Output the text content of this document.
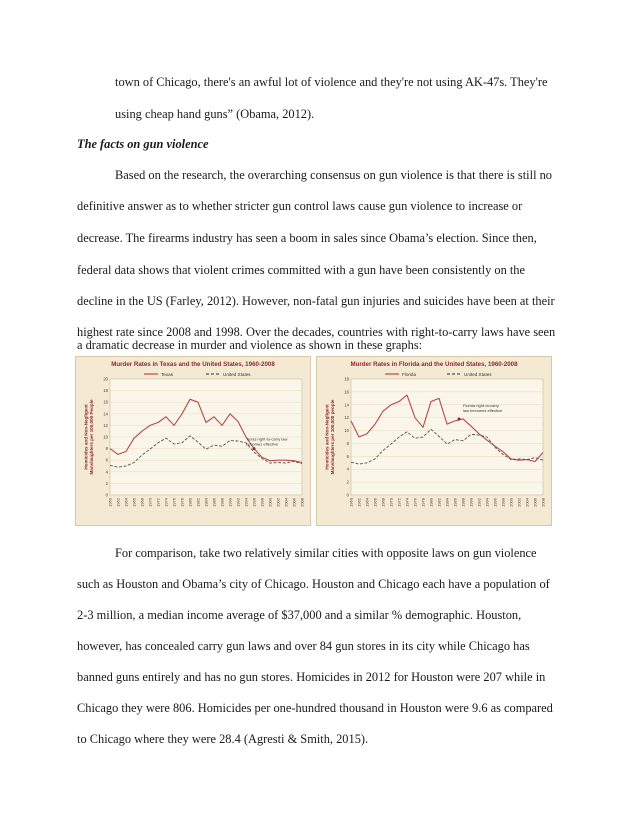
town of Chicago, there's an awful lot of violence and they're not using AK-47s. They're
using cheap hand guns” (Obama, 2012).
The facts on gun violence
Based on the research, the overarching consensus on gun violence is that there is still no
definitive answer as to whether stricter gun control laws cause gun violence to increase or
decrease. The firearms industry has seen a boom in sales since Obama’s election. Since then,
federal data shows that violent crimes committed with a gun have been consistently on the
decline in the US (Farley, 2012). However, non-fatal gun injuries and suicides have been at their
highest rate since 2008 and 1998. Over the decades, countries with right-to-carry laws have seen
a dramatic decrease in murder and violence as shown in these graphs:
Murder Rates in Texas and the United States, 1960-2008
Texas	United States
0
2
4
6
8
10
12
14
16
18
20
1960 1962 1964 1966 1968 1970 1972 1974 1976 1978 1980 1982 1984 1986 1988 1990 1992 1994 1996 1998 2000 2002 2004 2006 2008
Homicides and Non-NegligentManslaughters per 100,000 People	Texas right-to-carry law becomes effective
Murder Rates in Florida and the United States, 1960-2008
Florida	United States
0
2
4
6
8
10
12
14
16
18
1960 1962 1964 1966 1968 1970 1972 1974 1976 1978 1980 1982 1984 1986 1988 1990 1992 1994 1996 1998 2000 2002 2004 2006 2008
Homicides and Non-NegligentManslaughters per 100,000 people	Florida right-to-carry law becomes effective
For comparison, take two relatively similar cities with opposite laws on gun violence
such as Houston and Obama’s city of Chicago. Houston and Chicago each have a population of
2-3 million, a median income average of $37,000 and a similar % demographic. Houston,
however, has concealed carry gun laws and over 84 gun stores in its city while Chicago has
banned guns entirely and has no gun stores. Homicides in 2012 for Houston were 207 while in
Chicago they were 806. Homicides per one-hundred thousand in Houston were 9.6 as compared
to Chicago where they were 28.4 (Agresti & Smith, 2015).
